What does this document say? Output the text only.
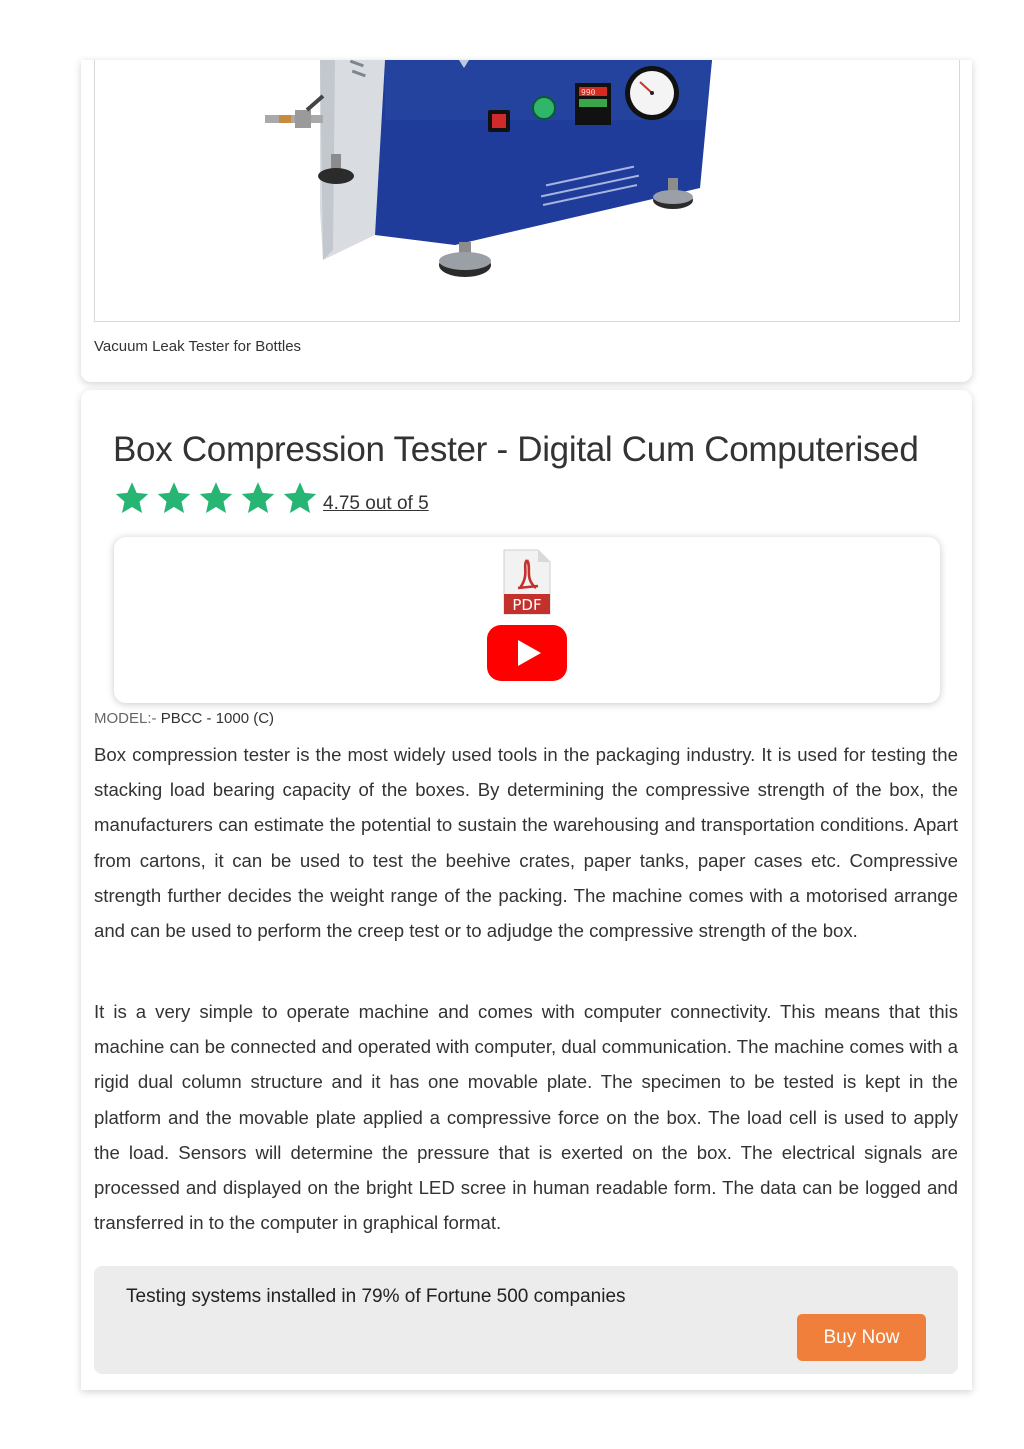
990
Vacuum Leak Tester for Bottles
Box Compression Tester - Digital Cum Computerised
4.75 out of 5
PDF
MODEL:- PBCC - 1000 (C)

Box compression tester is the most widely used tools in the packaging industry. It is used for testing the stacking load bearing capacity of the boxes. By determining the compressive strength of the box, the manufacturers can estimate the potential to sustain the warehousing and transportation conditions. Apart from cartons, it can be used to test the beehive crates, paper tanks, paper cases etc. Compressive strength further decides the weight range of the packing. The machine comes with a motorised arrange and can be used to perform the creep test or to adjudge the compressive strength of the box.

It is a very simple to operate machine and comes with computer connectivity. This means that this machine can be connected and operated with computer, dual communication. The machine comes with a rigid dual column structure and it has one movable plate. The specimen to be tested is kept in the platform and the movable plate applied a compressive force on the box. The load cell is used to apply the load. Sensors will determine the pressure that is exerted on the box. The electrical signals are processed and displayed on the bright LED scree in human readable form. The data can be logged and transferred in to the computer in graphical format.

Testing systems installed in 79% of Fortune 500 companies
Buy Now
